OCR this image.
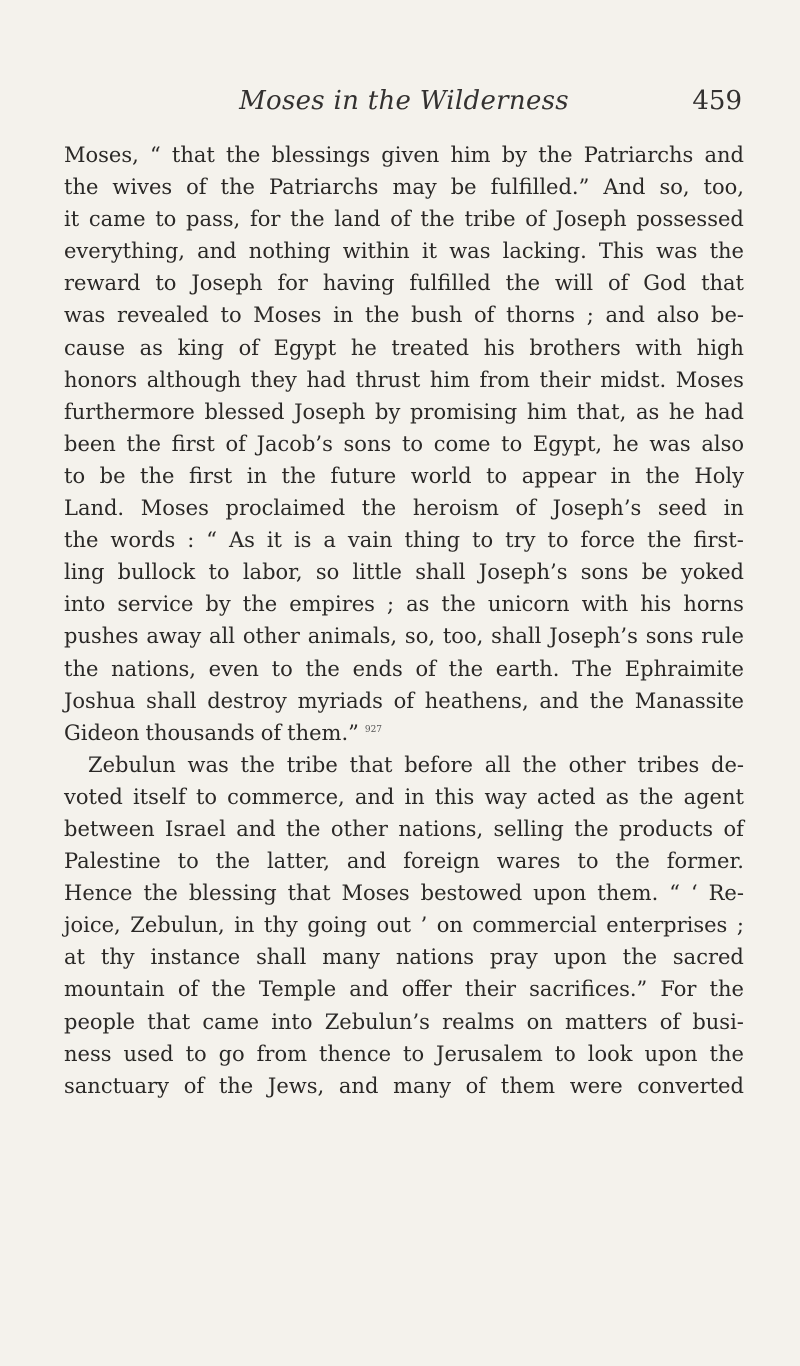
Moses in the Wilderness	459
Moses, “ that the blessings given him by the Patriarchs and
the wives of the Patriarchs may be fulfilled.” And so, too,
it came to pass, for the land of the tribe of Joseph possessed
everything, and nothing within it was lacking. This was the
reward to Joseph for having fulfilled the will of God that
was revealed to Moses in the bush of thorns ; and also be-
cause as king of Egypt he treated his brothers with high
honors although they had thrust him from their midst. Moses
furthermore blessed Joseph by promising him that, as he had
been the first of Jacob’s sons to come to Egypt, he was also
to be the first in the future world to appear in the Holy
Land. Moses proclaimed the heroism of Joseph’s seed in
the words : “ As it is a vain thing to try to force the first-
ling bullock to labor, so little shall Joseph’s sons be yoked
into service by the empires ; as the unicorn with his horns
pushes away all other animals, so, too, shall Joseph’s sons rule
the nations, even to the ends of the earth. The Ephraimite
Joshua shall destroy myriads of heathens, and the Manassite
Gideon thousands of them.” $^{927}$
Zebulun was the tribe that before all the other tribes de-
voted itself to commerce, and in this way acted as the agent
between Israel and the other nations, selling the products of
Palestine to the latter, and foreign wares to the former.
Hence the blessing that Moses bestowed upon them. “ ‘ Re-
joice, Zebulun, in thy going out ’ on commercial enterprises ;
at thy instance shall many nations pray upon the sacred
mountain of the Temple and offer their sacrifices.” For the
people that came into Zebulun’s realms on matters of busi-
ness used to go from thence to Jerusalem to look upon the
sanctuary of the Jews, and many of them were converted
